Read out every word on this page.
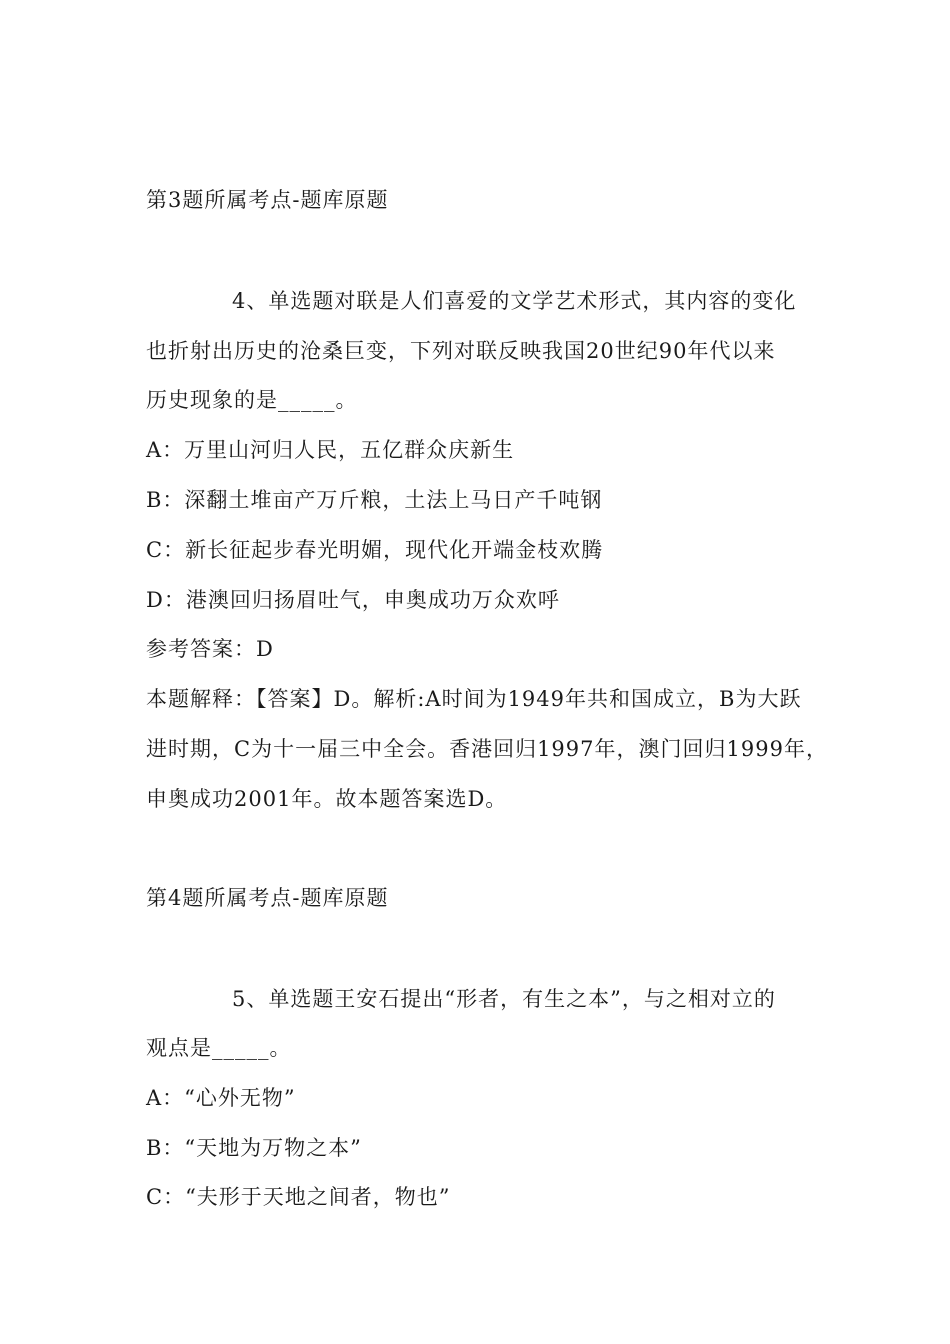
第3题所属考点-题库原题
4、单选题对联是人们喜爱的文学艺术形式，其内容的变化
也折射出历史的沧桑巨变，下列对联反映我国20世纪90年代以来
历史现象的是_____。
A：万里山河归人民，五亿群众庆新生
B：深翻土堆亩产万斤粮，土法上马日产千吨钢
C：新长征起步春光明媚，现代化开端金枝欢腾
D：港澳回归扬眉吐气，申奥成功万众欢呼
参考答案：D
本题解释：【答案】D。解析:A时间为1949年共和国成立，B为大跃
进时期，C为十一届三中全会。香港回归1997年，澳门回归1999年，
申奥成功2001年。故本题答案选D。
第4题所属考点-题库原题
5、单选题王安石提出“形者，有生之本”，与之相对立的
观点是_____。
A：“心外无物”
B：“天地为万物之本”
C：“夫形于天地之间者，物也”
